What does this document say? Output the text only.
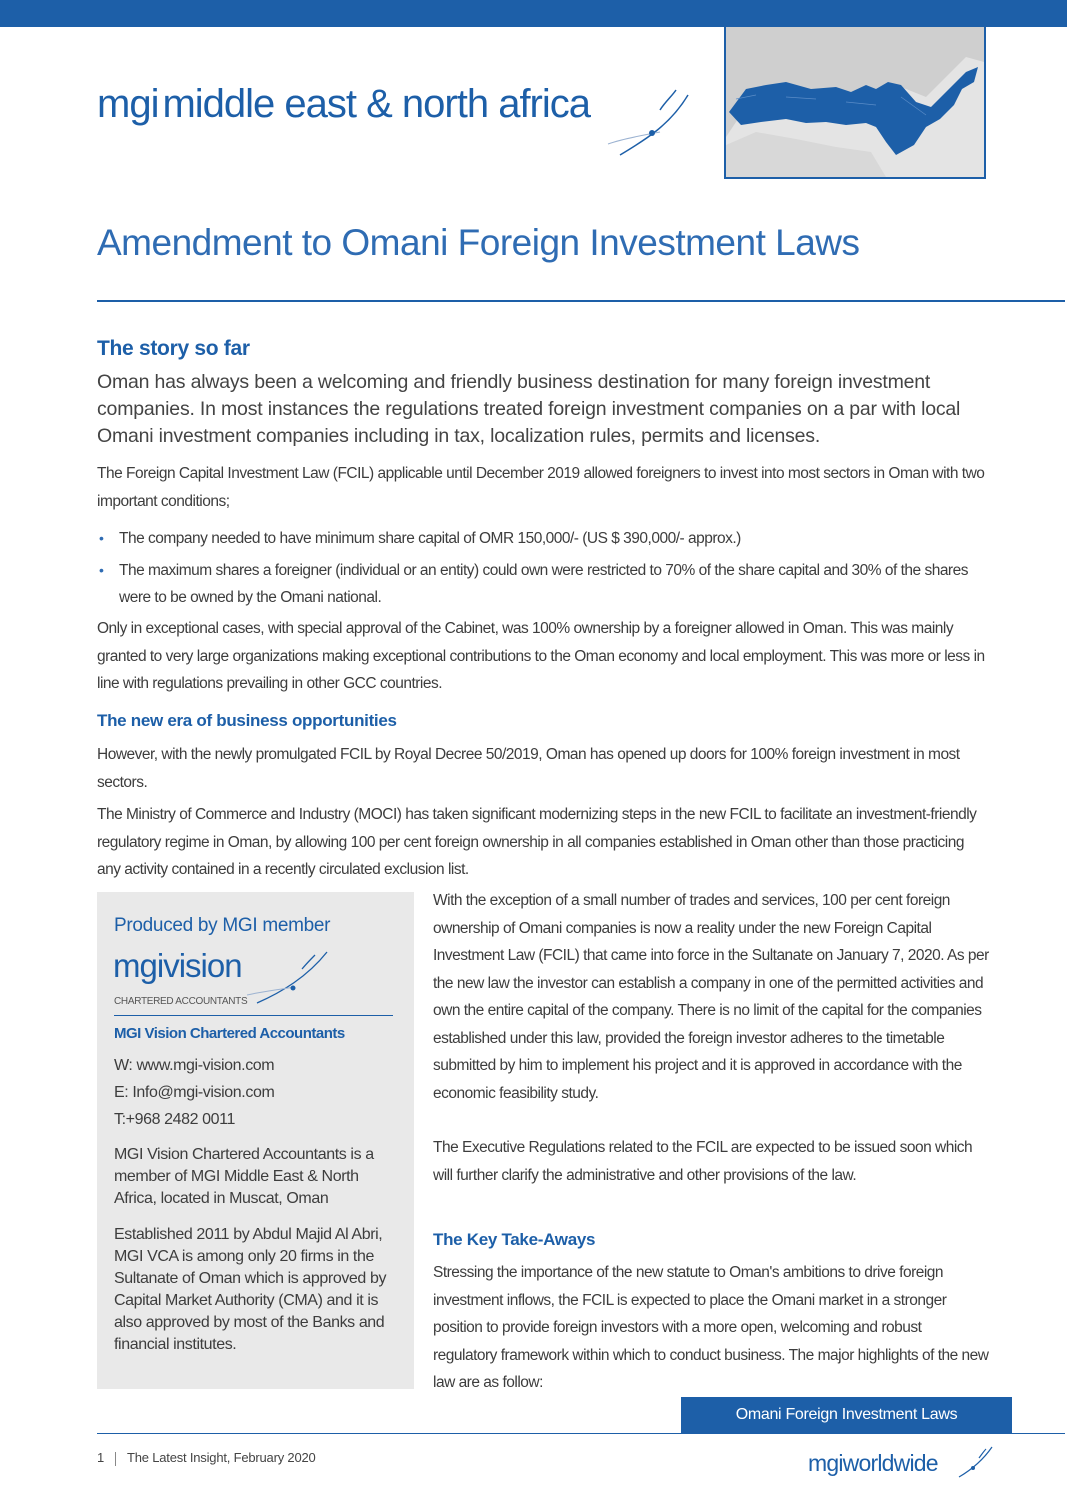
mgi middle east & north africa
Amendment to Omani Foreign Investment Laws
The story so far
Oman has always been a welcoming and friendly business destination for many foreign investment companies. In most instances the regulations treated foreign investment companies on a par with local Omani investment companies including in tax, localization rules, permits and licenses.
The Foreign Capital Investment Law (FCIL) applicable until December 2019 allowed foreigners to invest into most sectors in Oman with two important conditions;
• The company needed to have minimum share capital of OMR 150,000/- (US $ 390,000/- approx.)
• The maximum shares a foreigner (individual or an entity) could own were restricted to 70% of the share capital and 30% of the shares were to be owned by the Omani national.
Only in exceptional cases, with special approval of the Cabinet, was 100% ownership by a foreigner allowed in Oman. This was mainly granted to very large organizations making exceptional contributions to the Oman economy and local employment. This was more or less in line with regulations prevailing in other GCC countries.
The new era of business opportunities
However, with the newly promulgated FCIL by Royal Decree 50/2019, Oman has opened up doors for 100% foreign investment in most sectors.
The Ministry of Commerce and Industry (MOCI) has taken significant modernizing steps in the new FCIL to facilitate an investment-friendly regulatory regime in Oman, by allowing 100 per cent foreign ownership in all companies established in Oman other than those practicing any activity contained in a recently circulated exclusion list.
Produced by MGI member
mgivision
CHARTERED ACCOUNTANTS
MGI Vision Chartered Accountants
W: www.mgi-vision.com
E: Info@mgi-vision.com
T:+968 2482 0011
MGI Vision Chartered Accountants is a member of MGI Middle East & North Africa, located in Muscat, Oman
Established 2011 by Abdul Majid Al Abri, MGI VCA is among only 20 firms in the Sultanate of Oman which is approved by Capital Market Authority (CMA) and it is also approved by most of the Banks and financial institutes.
With the exception of a small number of trades and services, 100 per cent foreign ownership of Omani companies is now a reality under the new Foreign Capital Investment Law (FCIL) that came into force in the Sultanate on January 7, 2020. As per the new law the investor can establish a company in one of the permitted activities and own the entire capital of the company. There is no limit of the capital for the companies established under this law, provided the foreign investor adheres to the timetable submitted by him to implement his project and it is approved in accordance with the economic feasibility study.
The Executive Regulations related to the FCIL are expected to be issued soon which will further clarify the administrative and other provisions of the law.
The Key Take-Aways
Stressing the importance of the new statute to Oman's ambitions to drive foreign investment inflows, the FCIL is expected to place the Omani market in a stronger position to provide foreign investors with a more open, welcoming and robust regulatory framework within which to conduct business. The major highlights of the new law are as follow:
Omani Foreign Investment Laws
1 The Latest Insight, February 2020	mgiworldwide
